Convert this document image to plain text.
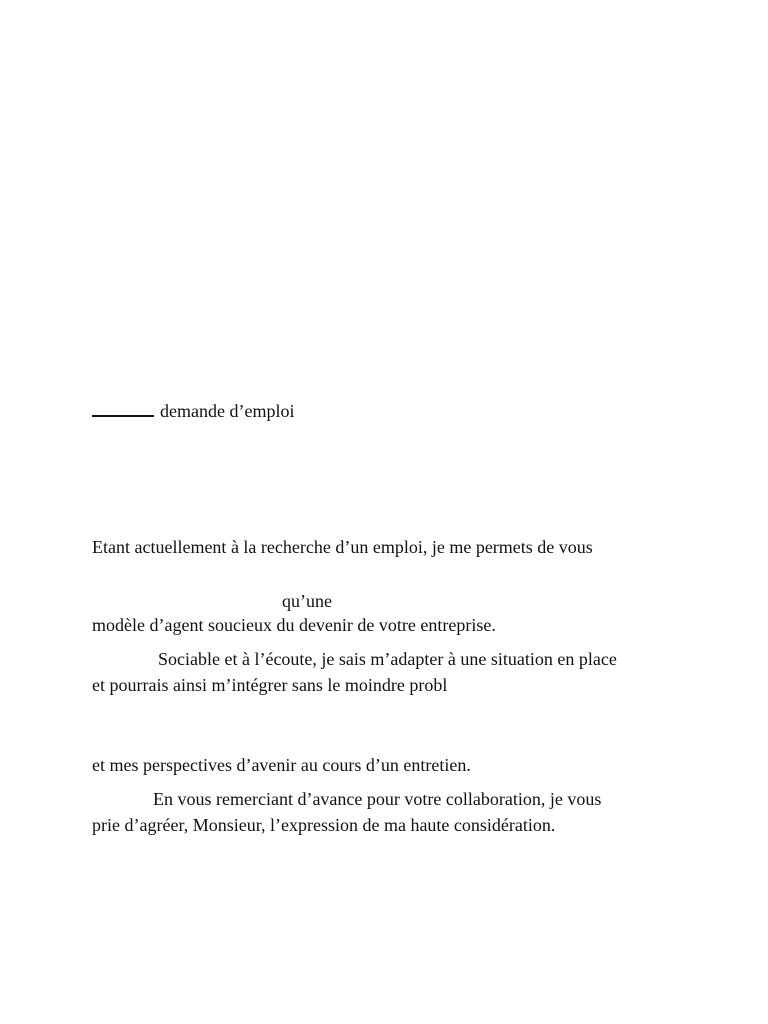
demande d’emploi
Etant actuellement à la recherche d’un emploi, je me permets de vous
qu’une
modèle d’agent soucieux du devenir de votre entreprise.
Sociable et à l’écoute, je sais m’adapter à une situation en place
et pourrais ainsi m’intégrer sans le moindre probl
et mes perspectives d’avenir au cours d’un entretien.
En vous remerciant d’avance pour votre collaboration, je vous
prie d’agréer, Monsieur, l’expression de ma haute considération.
